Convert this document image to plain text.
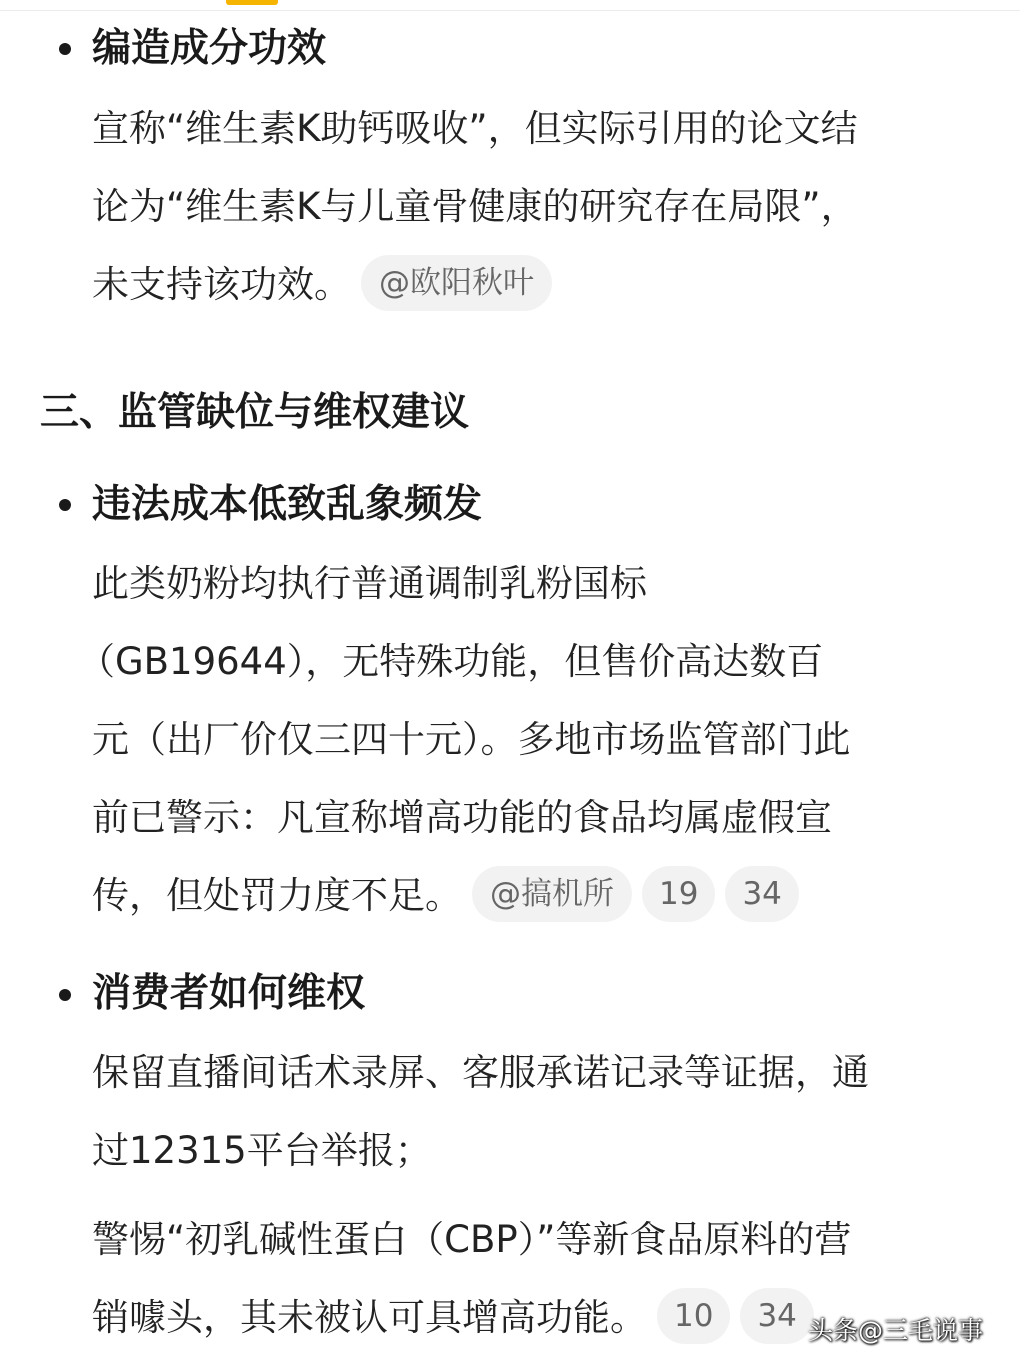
编造成分功效
宣称“维生素K助钙吸收”，但实际引用的论文结
论为“维生素K与儿童骨健康的研究存在局限”，
未支持该功效。 @欧阳秋叶
三、监管缺位与维权建议
违法成本低致乱象频发
此类奶粉均执行普通调制乳粉国标
（GB19644），无特殊功能，但售价高达数百
元（出厂价仅三四十元）。多地市场监管部门此
前已警示：凡宣称增高功能的食品均属虚假宣
传，但处罚力度不足。 @搞机所 19 34
消费者如何维权
保留直播间话术录屏、客服承诺记录等证据，通
过12315平台举报；
警惕“初乳碱性蛋白（CBP）”等新食品原料的营
销噱头，其未被认可具增高功能。 10 34 头条@三毛说事
